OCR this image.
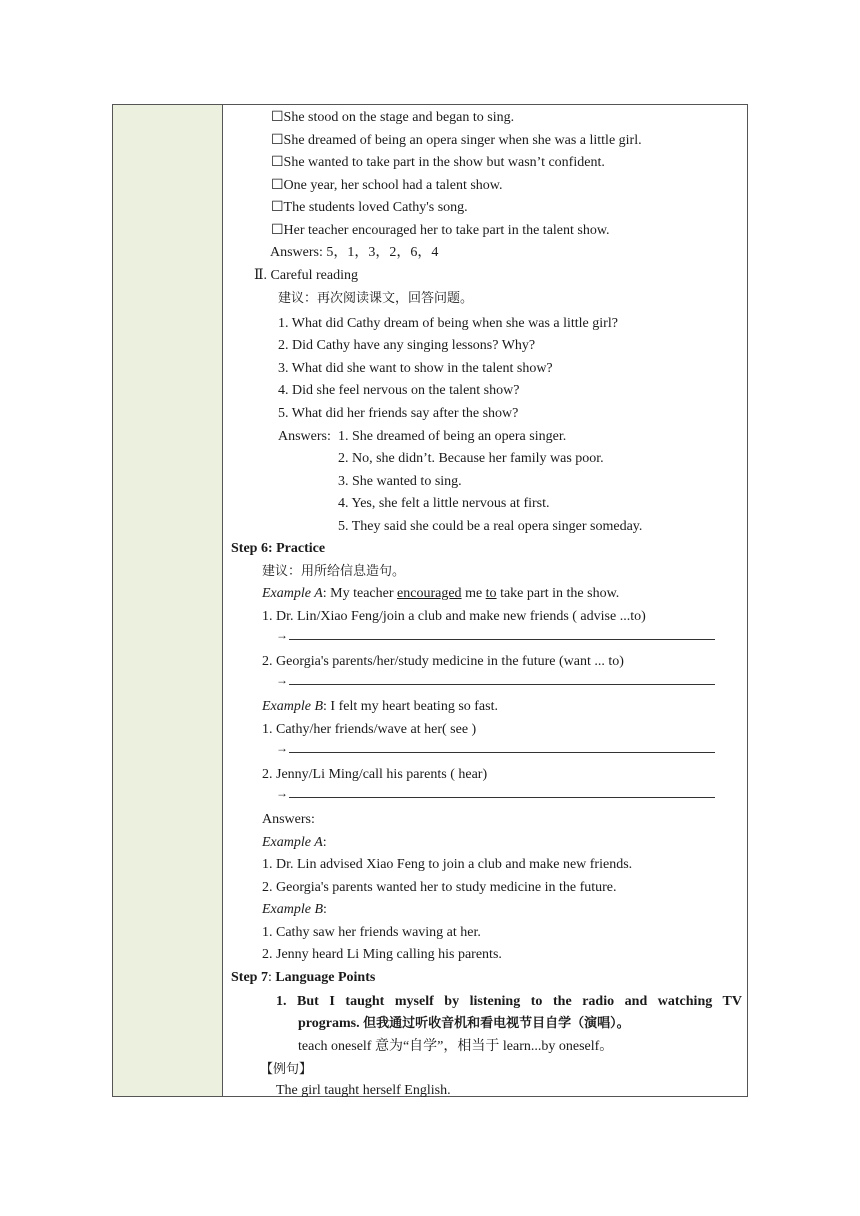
☐She stood on the stage and began to sing.
☐She dreamed of being an opera singer when she was a little girl.
☐She wanted to take part in the show but wasn’t confident.
☐One year, her school had a talent show.
☐The students loved Cathy's song.
☐Her teacher encouraged her to take part in the talent show.
Answers: 5，1，3，2，6，4
Ⅱ. Careful reading
建议：再次阅读课文，回答问题。
1. What did Cathy dream of being when she was a little girl?
2. Did Cathy have any singing lessons? Why?
3. What did she want to show in the talent show?
4. Did she feel nervous on the talent show?
5. What did her friends say after the show?
Answers: 1. She dreamed of being an opera singer.
2. No, she didn’t. Because her family was poor.
3. She wanted to sing.
4. Yes, she felt a little nervous at first.
5. They said she could be a real opera singer someday.
Step 6: Practice
建议：用所给信息造句。
Example A: My teacher encouraged me to take part in the show.
1. Dr. Lin/Xiao Feng/join a club and make new friends ( advise ...to)
→
2. Georgia's parents/her/study medicine in the future (want ... to)
→
Example B: I felt my heart beating so fast.
1. Cathy/her friends/wave at her( see )
→
2. Jenny/Li Ming/call his parents ( hear)
→
Answers:
Example A:
1. Dr. Lin advised Xiao Feng to join a club and make new friends.
2. Georgia's parents wanted her to study medicine in the future.
Example B:
1. Cathy saw her friends waving at her.
2. Jenny heard Li Ming calling his parents.
Step 7: Language Points
1. But I taught myself by listening to the radio and watching TV
programs. 但我通过听收音机和看电视节目自学（演唱）。
teach oneself 意为“自学”，相当于 learn...by oneself。
【例句】
The girl taught herself English.
